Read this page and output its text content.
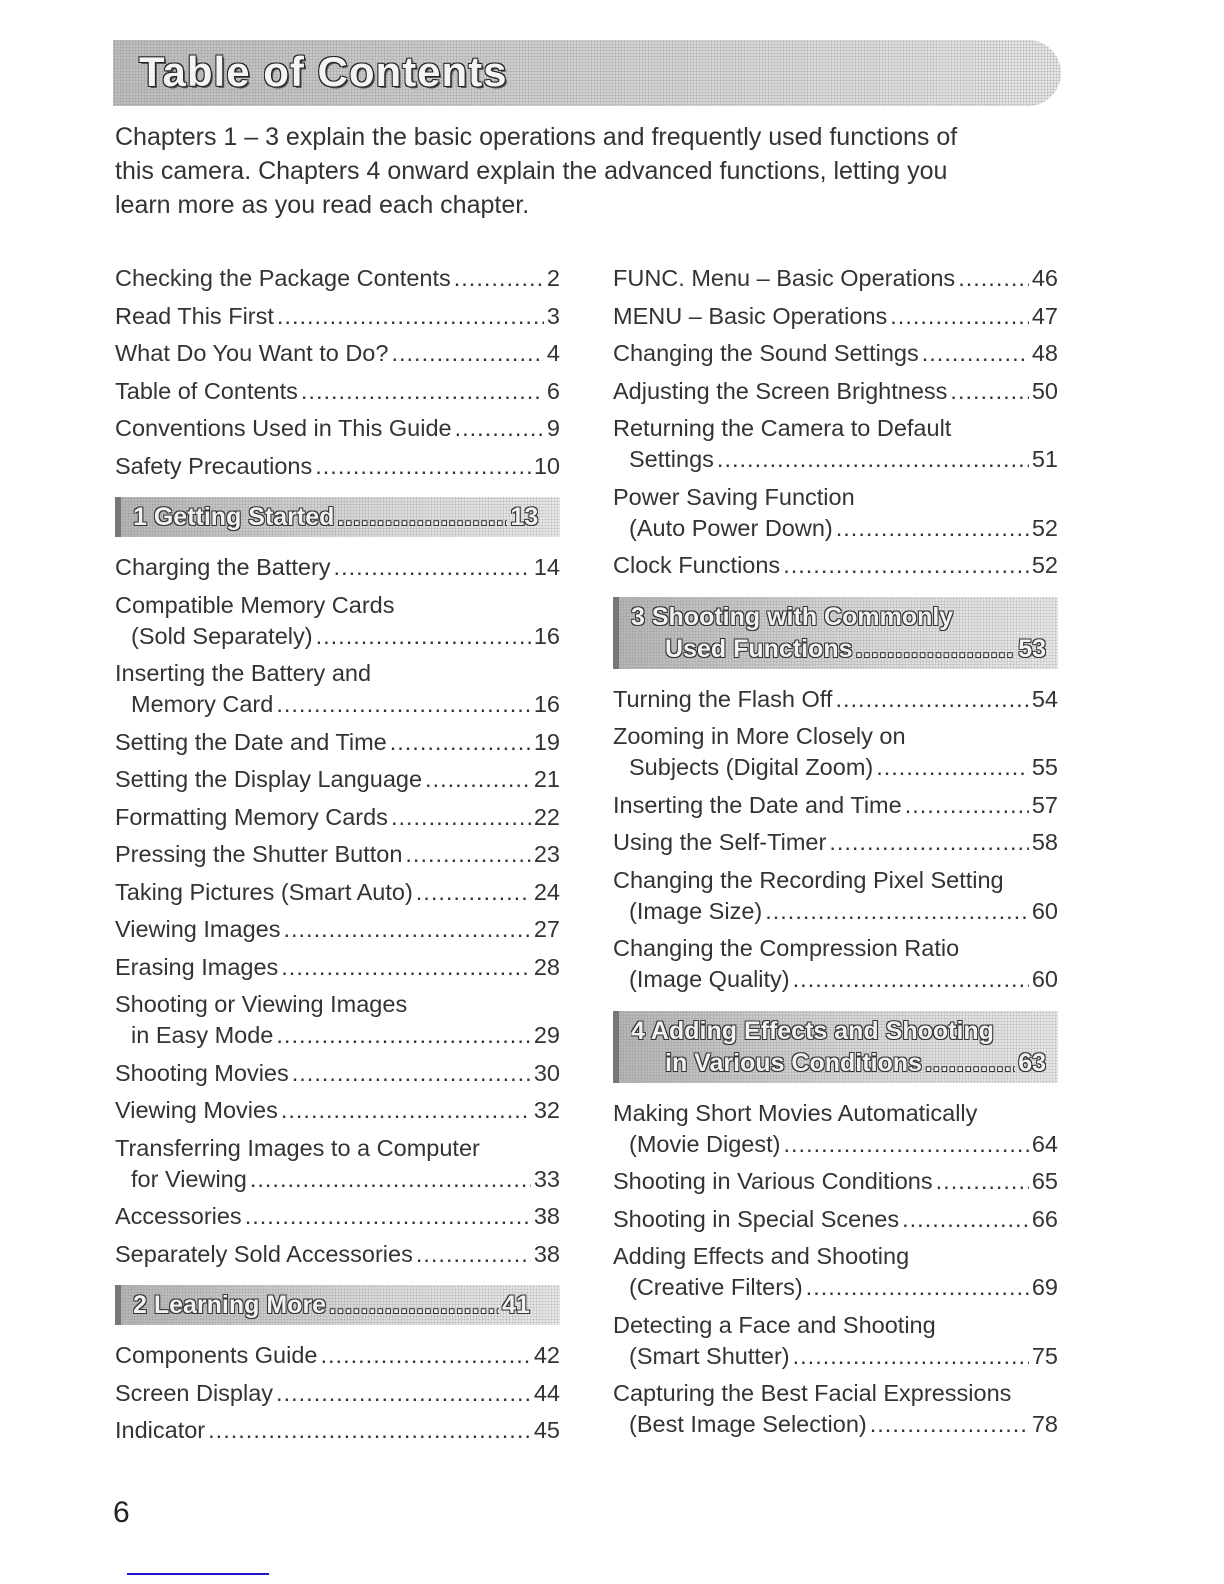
Table of Contents
Chapters 1 – 3 explain the basic operations and frequently used functions of
this camera. Chapters 4 onward explain the advanced functions, letting you
learn more as you read each chapter.
Checking the Package Contents .....	2
Read This First .....	3
What Do You Want to Do? .....	4
Table of Contents .....	6
Conventions Used in This Guide .....	9
Safety Precautions .....	10
1 Getting Started .....	13
Charging the Battery .....	14
Compatible Memory Cards
(Sold Separately) .....	16
Inserting the Battery and
Memory Card .....	16
Setting the Date and Time .....	19
Setting the Display Language .....	21
Formatting Memory Cards .....	22
Pressing the Shutter Button .....	23
Taking Pictures (Smart Auto) .....	24
Viewing Images .....	27
Erasing Images .....	28
Shooting or Viewing Images
in Easy Mode .....	29
Shooting Movies .....	30
Viewing Movies .....	32
Transferring Images to a Computer
for Viewing .....	33
Accessories .....	38
Separately Sold Accessories .....	38
2 Learning More .....	41
Components Guide .....	42
Screen Display .....	44
Indicator .....	45
FUNC. Menu – Basic Operations .....	46
MENU – Basic Operations .....	47
Changing the Sound Settings .....	48
Adjusting the Screen Brightness .....	50
Returning the Camera to Default
Settings .....	51
Power Saving Function
(Auto Power Down) .....	52
Clock Functions .....	52
3 Shooting with Commonly
Used Functions .....	53
Turning the Flash Off .....	54
Zooming in More Closely on
Subjects (Digital Zoom) .....	55
Inserting the Date and Time .....	57
Using the Self-Timer .....	58
Changing the Recording Pixel Setting
(Image Size) .....	60
Changing the Compression Ratio
(Image Quality) .....	60
4 Adding Effects and Shooting
in Various Conditions .....	63
Making Short Movies Automatically
(Movie Digest) .....	64
Shooting in Various Conditions .....	65
Shooting in Special Scenes .....	66
Adding Effects and Shooting
(Creative Filters) .....	69
Detecting a Face and Shooting
(Smart Shutter) .....	75
Capturing the Best Facial Expressions
(Best Image Selection) .....	78
6
